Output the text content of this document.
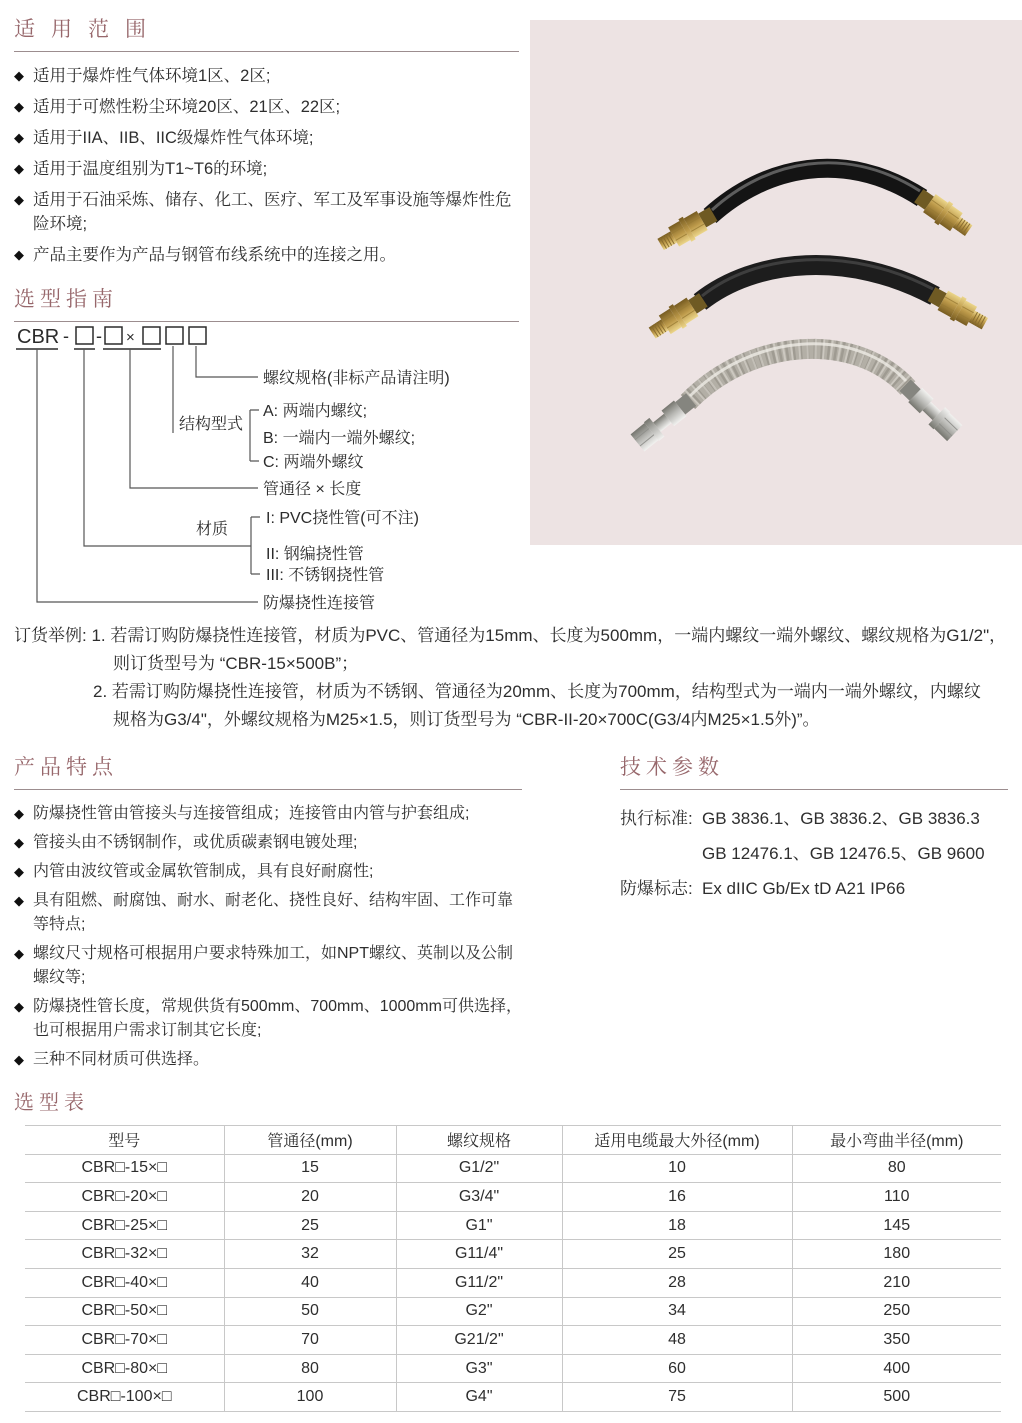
适用范围
◆ 适用于爆炸性气体环境1区、2区;
◆ 适用于可燃性粉尘环境20区、21区、22区;
◆ 适用于IIA、IIB、IIC级爆炸性气体环境;
◆ 适用于温度组别为T1~T6的环境;
◆ 适用于石油采炼、储存、化工、医疗、军工及军事设施等爆炸性危险环境;
◆ 产品主要作为产品与钢管布线系统中的连接之用。
选型指南
CBR - - ×
螺纹规格(非标产品请注明)
A: 两端内螺纹;
结构型式
B: 一端内一端外螺纹;
C: 两端外螺纹
管通径 × 长度
I: PVC挠性管(可不注)
材质
II: 钢编挠性管
III: 不锈钢挠性管
防爆挠性连接管
订货举例: 1. 若需订购防爆挠性连接管，材质为PVC、管通径为15mm、长度为500mm，一端内螺纹一端外螺纹、螺纹规格为G1/2"，
则订货型号为 “CBR-15×500B”；
2. 若需订购防爆挠性连接管，材质为不锈钢、管通径为20mm、长度为700mm，结构型式为一端内一端外螺纹，内螺纹
规格为G3/4"，外螺纹规格为M25×1.5，则订货型号为 “CBR-II-20×700C(G3/4内M25×1.5外)”。
产品特点
◆ 防爆挠性管由管接头与连接管组成；连接管由内管与护套组成;
◆ 管接头由不锈钢制作，或优质碳素钢电镀处理;
◆ 内管由波纹管或金属软管制成，具有良好耐腐性;
◆ 具有阻燃、耐腐蚀、耐水、耐老化、挠性良好、结构牢固、工作可靠等特点;
◆ 螺纹尺寸规格可根据用户要求特殊加工，如NPT螺纹、英制以及公制螺纹等;
◆ 防爆挠性管长度，常规供货有500mm、700mm、1000mm可供选择，也可根据用户需求订制其它长度;
◆ 三种不同材质可供选择。
技术参数
执行标准: GB 3836.1、GB 3836.2、GB 3836.3
GB 12476.1、GB 12476.5、GB 9600
防爆标志: Ex dIIC Gb/Ex tD A21 IP66
选型表
型号	管通径(mm)	螺纹规格	适用电缆最大外径(mm)	最小弯曲半径(mm)
CBR□-15×□	15	G1/2"	10	80
CBR□-20×□	20	G3/4"	16	110
CBR□-25×□	25	G1"	18	145
CBR□-32×□	32	G11/4"	25	180
CBR□-40×□	40	G11/2"	28	210
CBR□-50×□	50	G2"	34	250
CBR□-70×□	70	G21/2"	48	350
CBR□-80×□	80	G3"	60	400
CBR□-100×□	100	G4"	75	500
